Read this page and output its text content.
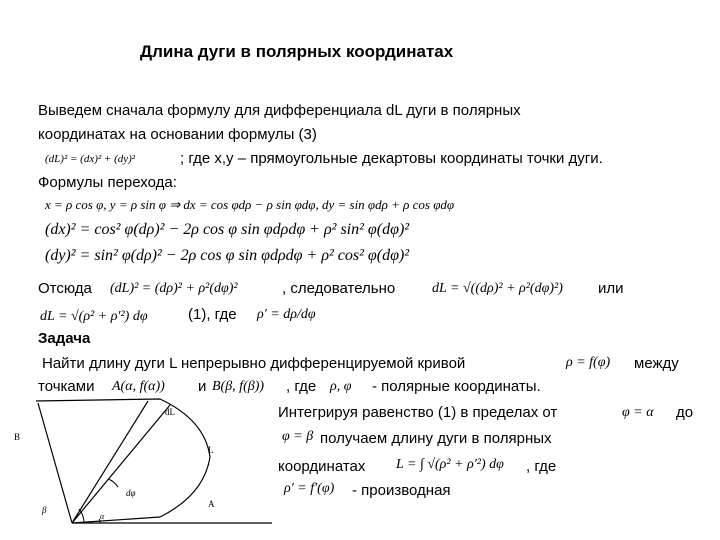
Длина дуги в полярных координатах
Выведем сначала формулу для дифференциала dL дуги в полярных
координатах на основании формулы (3)
(dL)² = (dx)² + (dy)²	; где x,y – прямоугольные декартовы координаты точки дуги.
Формулы перехода:
x = ρ cos φ, y = ρ sin φ ⇒ dx = cos φdρ − ρ sin φdφ, dy = sin φdρ + ρ cos φdφ
(dx)² = cos² φ(dρ)² − 2ρ cos φ sin φdρdφ + ρ² sin² φ(dφ)²
(dy)² = sin² φ(dρ)² − 2ρ cos φ sin φdρdφ + ρ² cos² φ(dφ)²
Отсюда (dL)² = (dρ)² + ρ²(dφ)²	, следовательно	dL = √((dρ)² + ρ²(dφ)²) или
dL = √(ρ² + ρ′²) dφ	(1), где ρ′ = dρ/dφ
Задача
Найти длину дуги L непрерывно дифференцируемой кривой	ρ = f(φ) между
точками A(α, f(α)) и B(β, f(β)) , где ρ, φ - полярные координаты.
Интегрируя равенство (1) в пределах от	φ = α до
φ = β получаем длину дуги в полярных
координатах L = ∫ √(ρ² + ρ′²) dφ , где
ρ′ = f′(φ) - производная
B
dL
L
A
dφ
β
α
